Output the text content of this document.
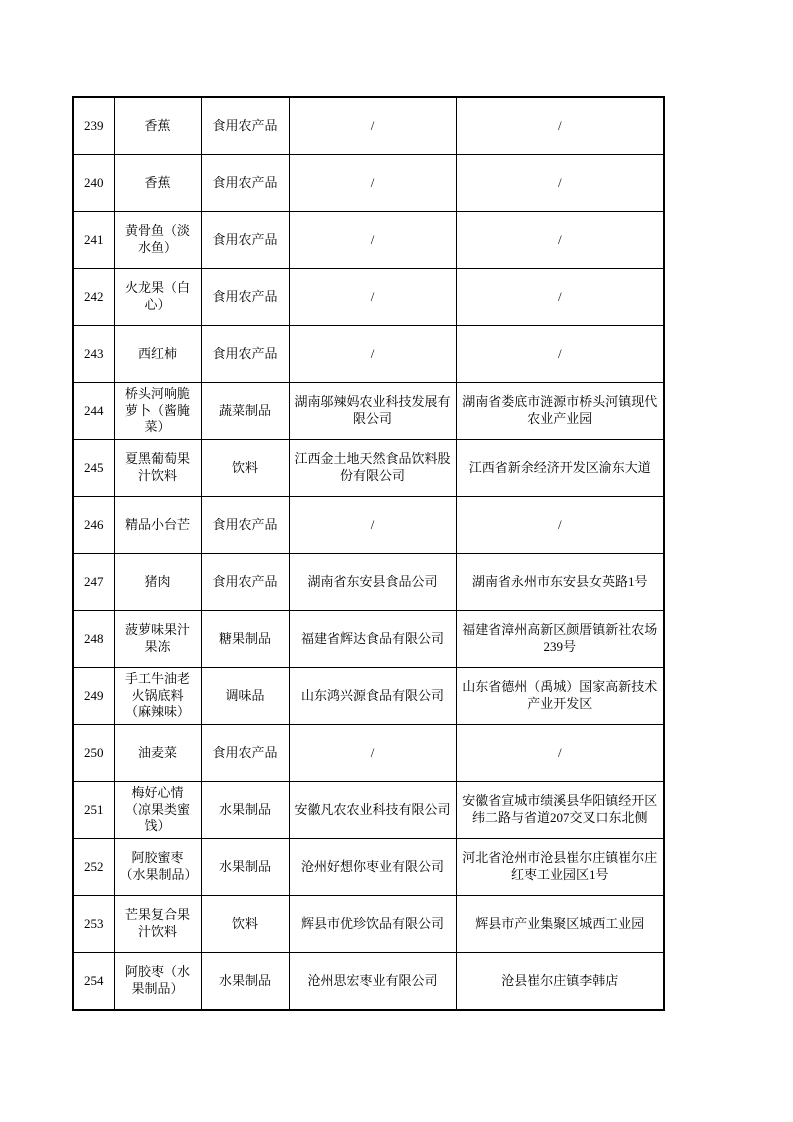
239	香蕉	食用农产品	/	/
240	香蕉	食用农产品	/	/
241	黄骨鱼（淡水鱼）	食用农产品	/	/
242	火龙果（白心）	食用农产品	/	/
243	西红柿	食用农产品	/	/
244	桥头河响脆萝卜（酱腌菜）	蔬菜制品	湖南邬辣妈农业科技发展有限公司	湖南省娄底市涟源市桥头河镇现代农业产业园
245	夏黑葡萄果汁饮料	饮料	江西金土地天然食品饮料股份有限公司	江西省新余经济开发区渝东大道
246	精品小台芒	食用农产品	/	/
247	猪肉	食用农产品	湖南省东安县食品公司	湖南省永州市东安县女英路1号
248	菠萝味果汁果冻	糖果制品	福建省辉达食品有限公司	福建省漳州高新区颜厝镇新社农场239号
249	手工牛油老火锅底料（麻辣味）	调味品	山东鸿兴源食品有限公司	山东省德州（禹城）国家高新技术产业开发区
250	油麦菜	食用农产品	/	/
251	梅好心情（凉果类蜜饯）	水果制品	安徽凡农农业科技有限公司	安徽省宣城市绩溪县华阳镇经开区纬二路与省道207交叉口东北侧
252	阿胶蜜枣（水果制品）	水果制品	沧州好想你枣业有限公司	河北省沧州市沧县崔尔庄镇崔尔庄红枣工业园区1号
253	芒果复合果汁饮料	饮料	辉县市优珍饮品有限公司	辉县市产业集聚区城西工业园
254	阿胶枣（水果制品）	水果制品	沧州思宏枣业有限公司	沧县崔尔庄镇李韩店
